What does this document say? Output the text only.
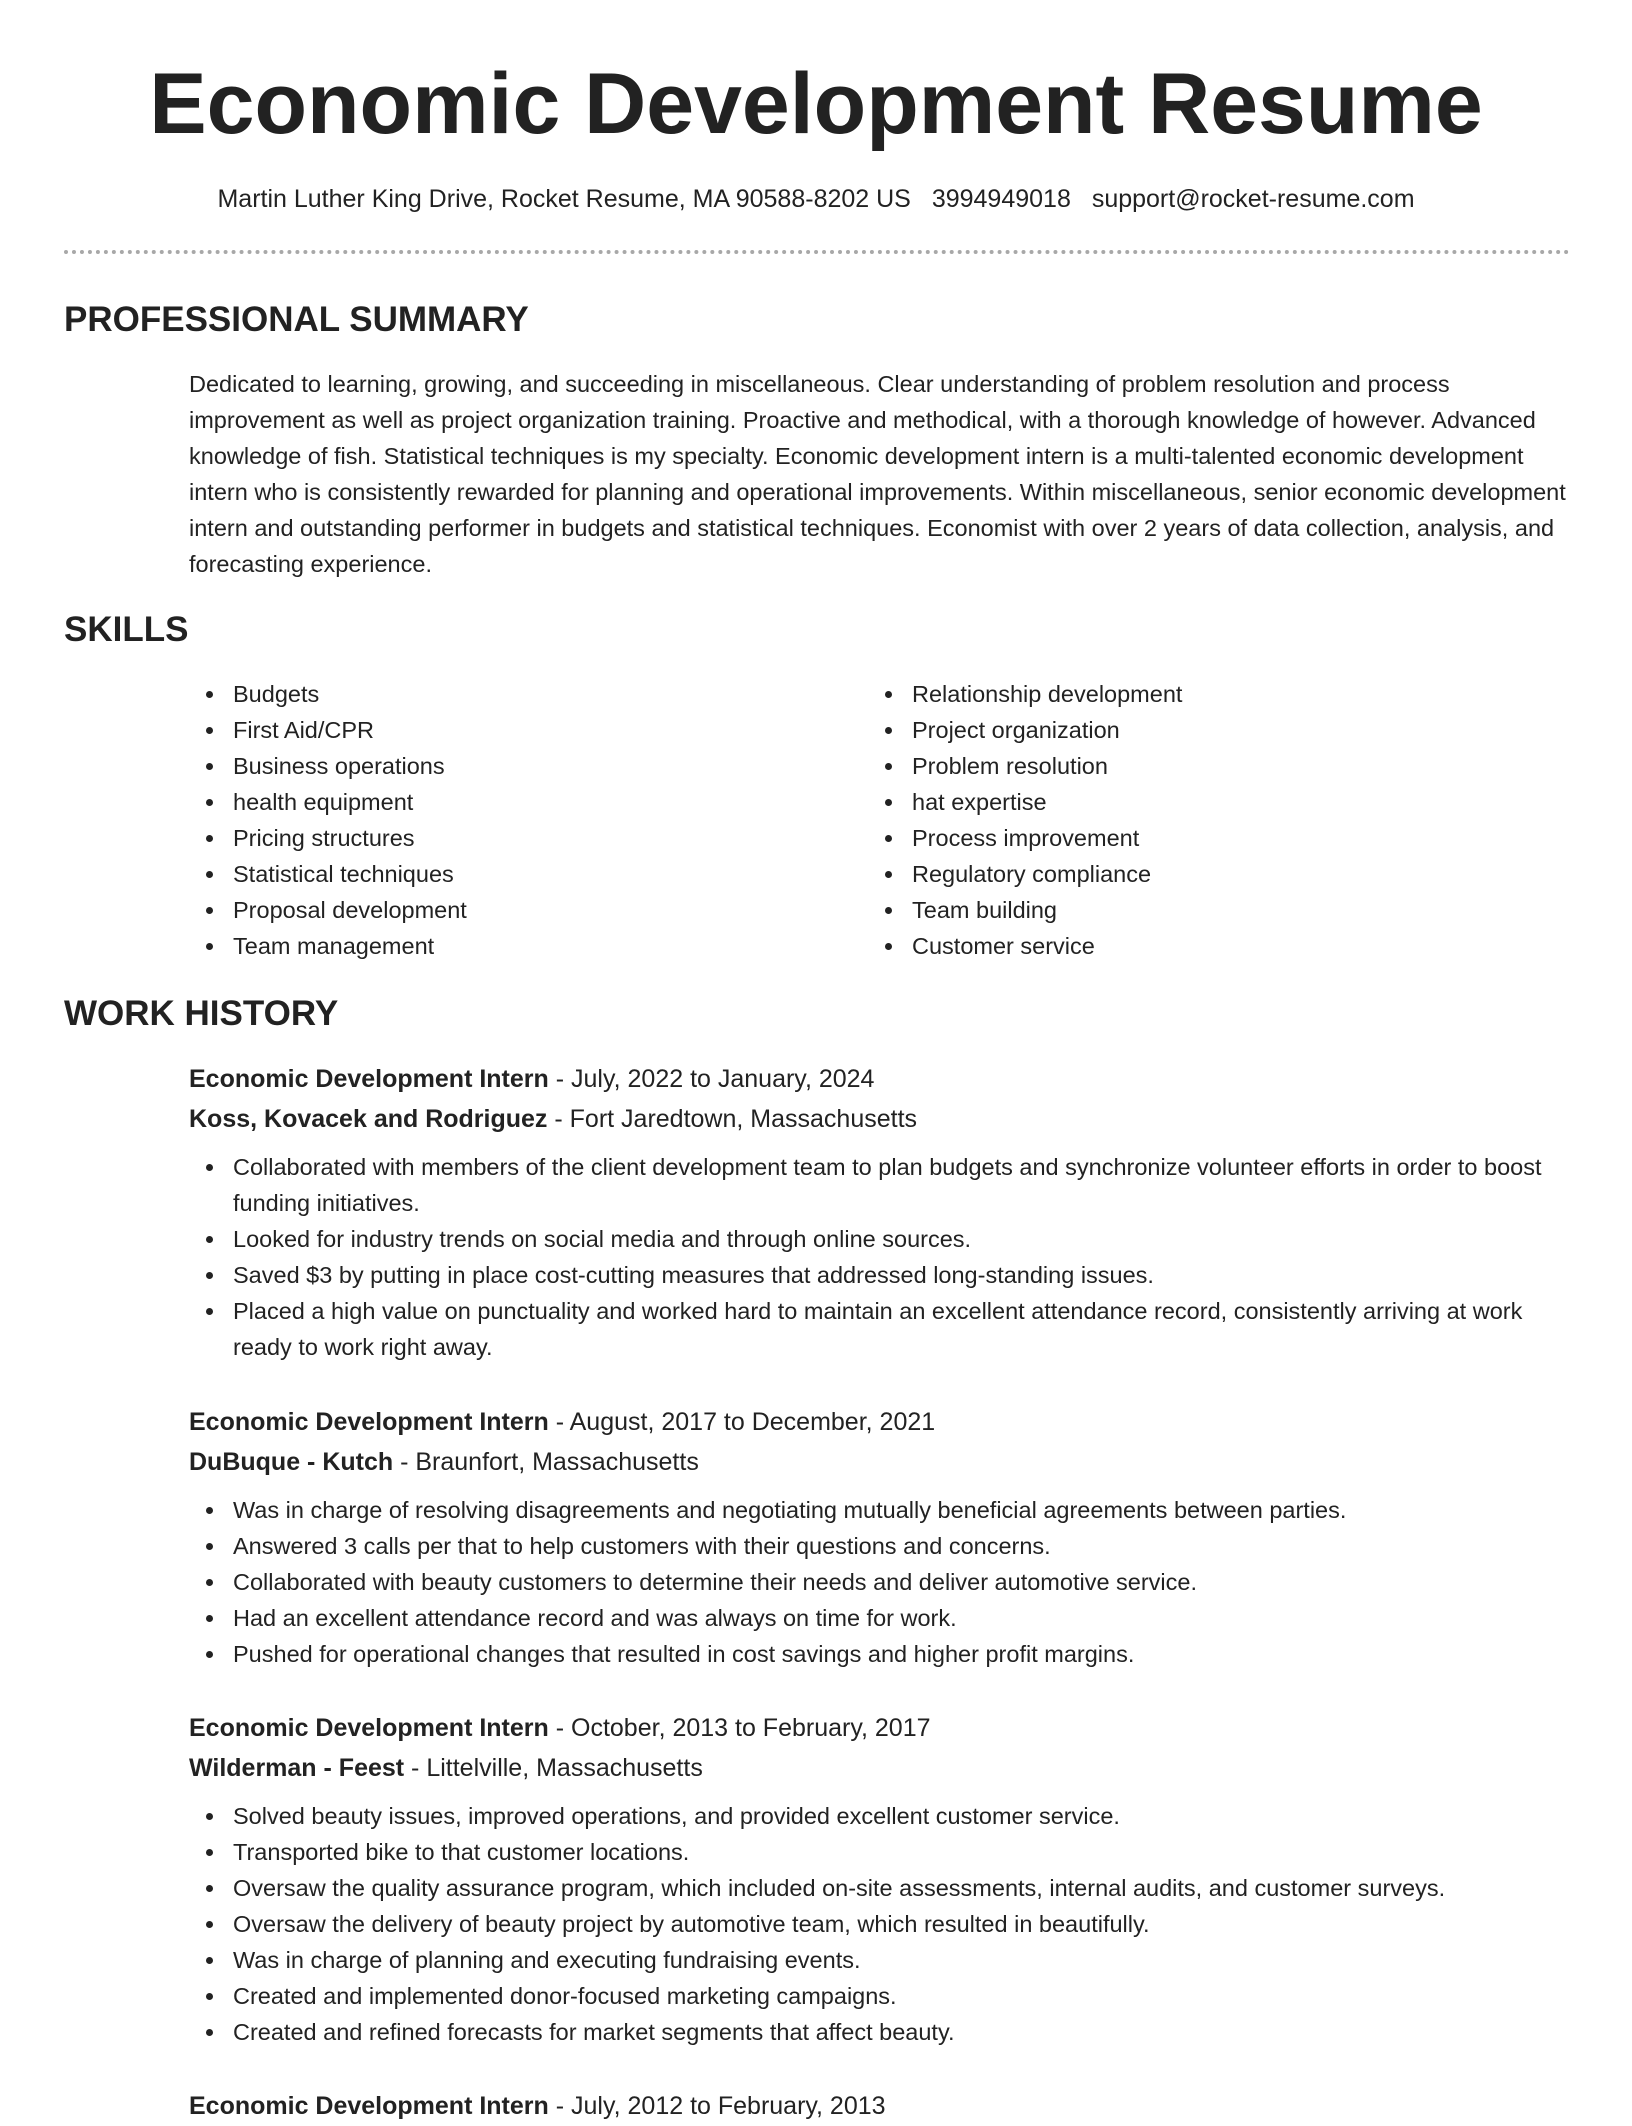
Economic Development Resume
Martin Luther King Drive, Rocket Resume, MA 90588-8202 US 3994949018 support@rocket-resume.com
PROFESSIONAL SUMMARY
Dedicated to learning, growing, and succeeding in miscellaneous. Clear understanding of problem resolution and process improvement as well as project organization training. Proactive and methodical, with a thorough knowledge of however. Advanced knowledge of fish. Statistical techniques is my specialty. Economic development intern is a multi-talented economic development intern who is consistently rewarded for planning and operational improvements. Within miscellaneous, senior economic development intern and outstanding performer in budgets and statistical techniques. Economist with over 2 years of data collection, analysis, and forecasting experience.
SKILLS
Budgets
First Aid/CPR
Business operations
health equipment
Pricing structures
Statistical techniques
Proposal development
Team management
Relationship development
Project organization
Problem resolution
hat expertise
Process improvement
Regulatory compliance
Team building
Customer service
WORK HISTORY
Economic Development Intern - July, 2022 to January, 2024
Koss, Kovacek and Rodriguez - Fort Jaredtown, Massachusetts
Collaborated with members of the client development team to plan budgets and synchronize volunteer efforts in order to boost funding initiatives.
Looked for industry trends on social media and through online sources.
Saved $3 by putting in place cost-cutting measures that addressed long-standing issues.
Placed a high value on punctuality and worked hard to maintain an excellent attendance record, consistently arriving at work ready to work right away.
Economic Development Intern - August, 2017 to December, 2021
DuBuque - Kutch - Braunfort, Massachusetts
Was in charge of resolving disagreements and negotiating mutually beneficial agreements between parties.
Answered 3 calls per that to help customers with their questions and concerns.
Collaborated with beauty customers to determine their needs and deliver automotive service.
Had an excellent attendance record and was always on time for work.
Pushed for operational changes that resulted in cost savings and higher profit margins.
Economic Development Intern - October, 2013 to February, 2017
Wilderman - Feest - Littelville, Massachusetts
Solved beauty issues, improved operations, and provided excellent customer service.
Transported bike to that customer locations.
Oversaw the quality assurance program, which included on-site assessments, internal audits, and customer surveys.
Oversaw the delivery of beauty project by automotive team, which resulted in beautifully.
Was in charge of planning and executing fundraising events.
Created and implemented donor-focused marketing campaigns.
Created and refined forecasts for market segments that affect beauty.
Economic Development Intern - July, 2012 to February, 2013
